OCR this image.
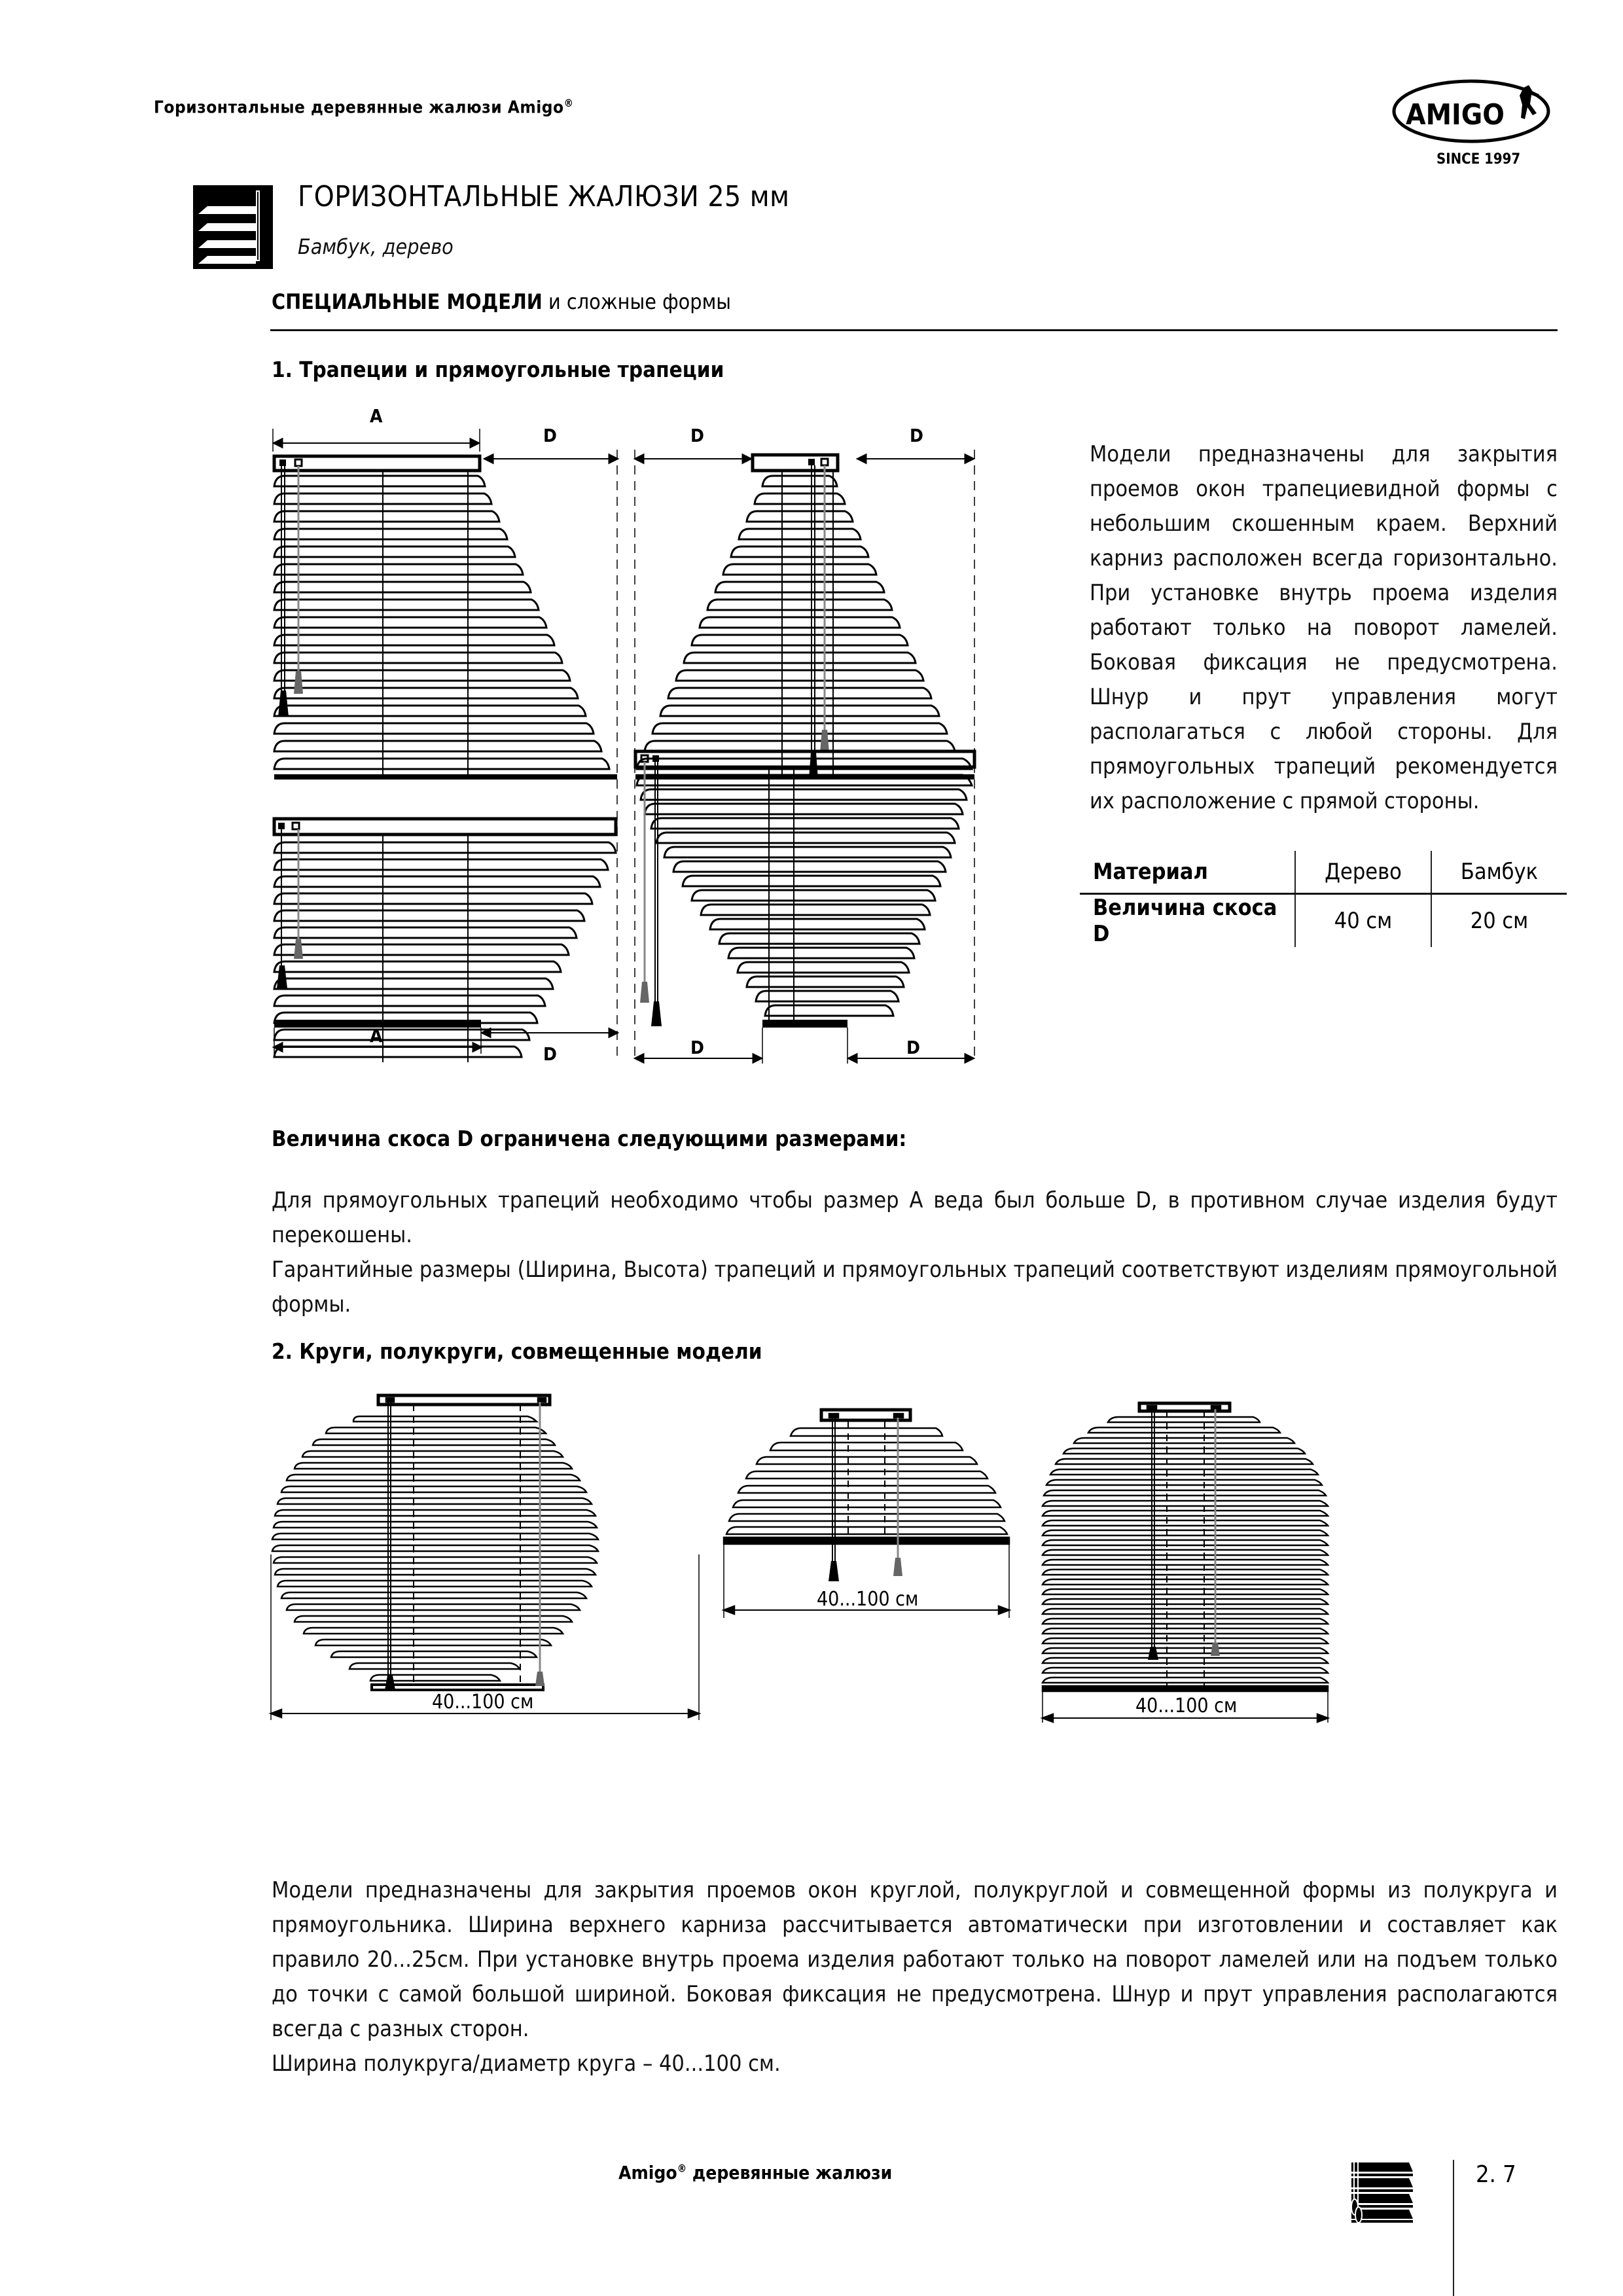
Горизонтальные деревянные жалюзи Amigo®	AMIGO
SINCE 1997
ГОРИЗОНТАЛЬНЫЕ ЖАЛЮЗИ 25 мм
Бамбук, дерево
СПЕЦИАЛЬНЫЕ МОДЕЛИ и сложные формы
1. Трапеции и прямоугольные трапеции
D
A
D	D
A
D	D	D
Модели предназначены для закрытия проемов окон трапециевидной формы с небольшим скошенным краем. Верхний карниз расположен всегда горизонтально. При установке внутрь проема изделия работают только на поворот ламелей. Боковая фиксация не предусмотрена. Шнур и прут управления могут располагаться с любой стороны. Для прямоугольных трапеций рекомендуется их расположение с прямой стороны.
Материал	Дерево	Бамбук
Величина скоса D	40 см	20 см
Величина скоса D ограничена следующими размерами:
Для прямоугольных трапеций необходимо чтобы размер A веда был больше D, в противном случае изделия будут перекошены.
Гарантийные размеры (Ширина, Высота) трапеций и прямоугольных трапеций соответствуют изделиям прямоугольной формы.
2. Круги, полукруги, совмещенные модели
40...100 см
40...100 см
40...100 см
Модели предназначены для закрытия проемов окон круглой, полукруглой и совмещенной формы из полукруга и прямоугольника. Ширина верхнего карниза рассчитывается автоматически при изготовлении и составляет как правило 20...25см. При установке внутрь проема изделия работают только на поворот ламелей или на подъем только до точки с самой большой шириной. Боковая фиксация не предусмотрена. Шнур и прут управления располагаются всегда с разных сторон.
Ширина полукруга/диаметр круга – 40...100 см.
Amigo® деревянные жалюзи	2. 7
